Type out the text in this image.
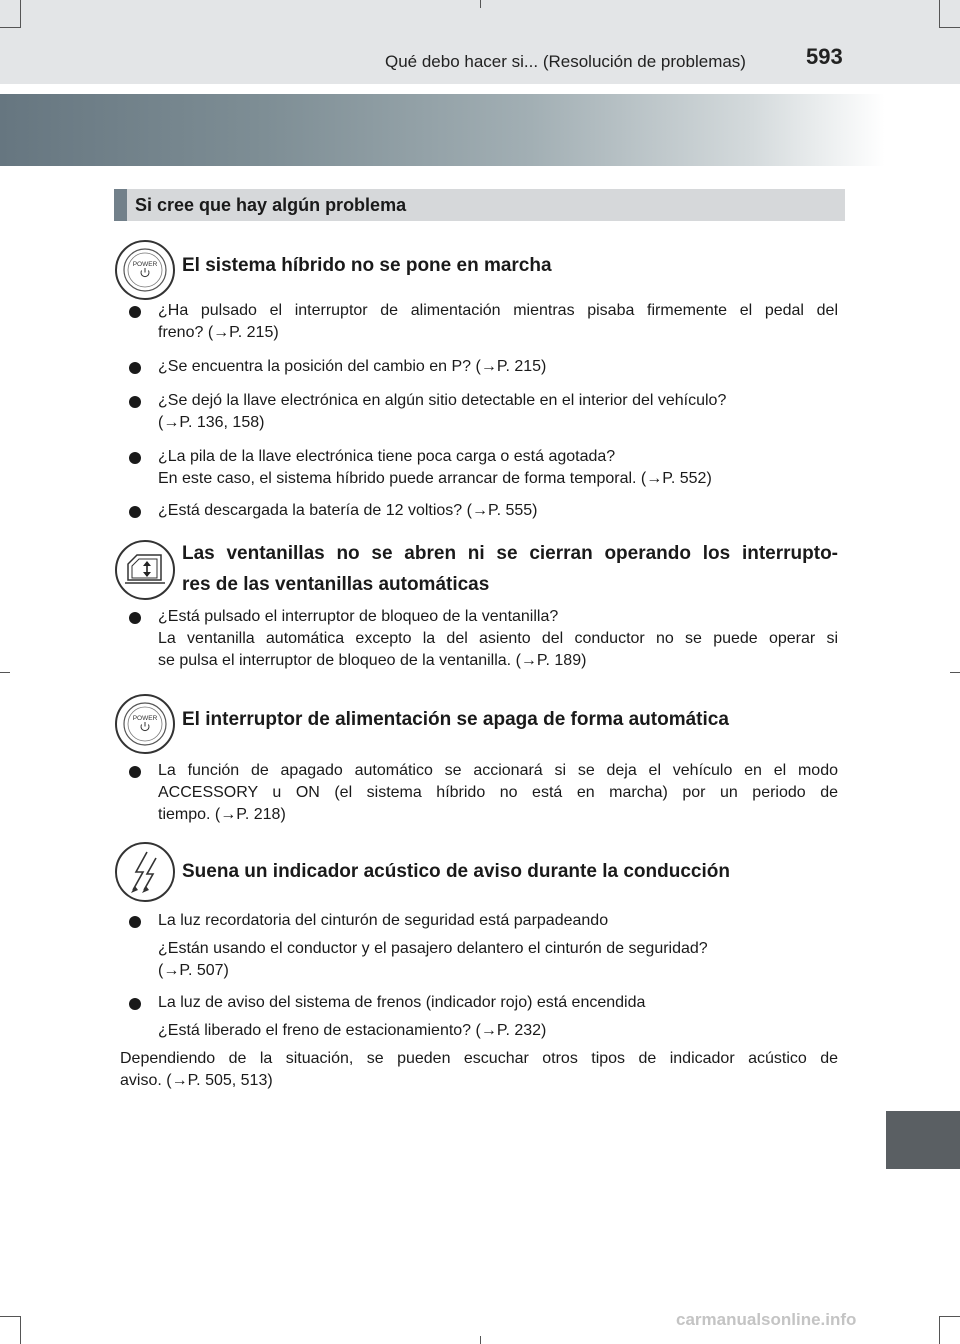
Qué debo hacer si... (Resolución de problemas)	593
Si cree que hay algún problema
POWER El sistema híbrido no se pone en marcha
¿Ha pulsado el interruptor de alimentación mientras pisaba firmemente el pedal del
freno? (→P. 215)
¿Se encuentra la posición del cambio en P? (→P. 215)
¿Se dejó la llave electrónica en algún sitio detectable en el interior del vehículo?
(→P. 136, 158)
¿La pila de la llave electrónica tiene poca carga o está agotada?
En este caso, el sistema híbrido puede arrancar de forma temporal. (→P. 552)
¿Está descargada la batería de 12 voltios? (→P. 555)
Las ventanillas no se abren ni se cierran operando los interrupto-
res de las ventanillas automáticas
¿Está pulsado el interruptor de bloqueo de la ventanilla?
La ventanilla automática excepto la del asiento del conductor no se puede operar si
se pulsa el interruptor de bloqueo de la ventanilla. (→P. 189)
POWER El interruptor de alimentación se apaga de forma automática
La función de apagado automático se accionará si se deja el vehículo en el modo
ACCESSORY u ON (el sistema híbrido no está en marcha) por un periodo de
tiempo. (→P. 218)
Suena un indicador acústico de aviso durante la conducción
La luz recordatoria del cinturón de seguridad está parpadeando
¿Están usando el conductor y el pasajero delantero el cinturón de seguridad?
(→P. 507)
La luz de aviso del sistema de frenos (indicador rojo) está encendida
¿Está liberado el freno de estacionamiento? (→P. 232)
Dependiendo de la situación, se pueden escuchar otros tipos de indicador acústico de
aviso. (→P. 505, 513)
carmanualsonline.info
